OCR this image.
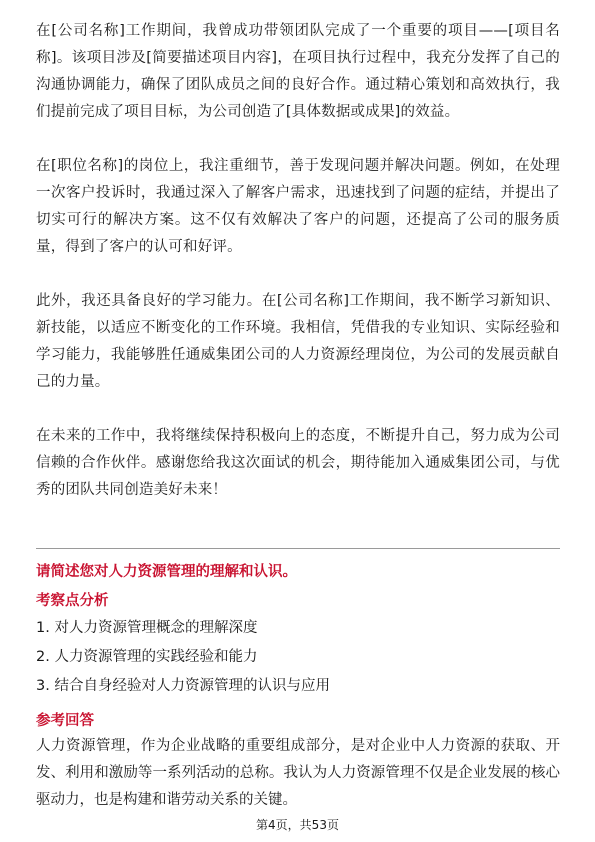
在[公司名称]工作期间，我曾成功带领团队完成了一个重要的项目——[项目名称]。该项目涉及[简要描述项目内容]，在项目执行过程中，我充分发挥了自己的沟通协调能力，确保了团队成员之间的良好合作。通过精心策划和高效执行，我们提前完成了项目目标，为公司创造了[具体数据或成果]的效益。

在[职位名称]的岗位上，我注重细节，善于发现问题并解决问题。例如，在处理一次客户投诉时，我通过深入了解客户需求，迅速找到了问题的症结，并提出了切实可行的解决方案。这不仅有效解决了客户的问题，还提高了公司的服务质量，得到了客户的认可和好评。

此外，我还具备良好的学习能力。在[公司名称]工作期间，我不断学习新知识、新技能，以适应不断变化的工作环境。我相信，凭借我的专业知识、实际经验和学习能力，我能够胜任通威集团公司的人力资源经理岗位，为公司的发展贡献自己的力量。

在未来的工作中，我将继续保持积极向上的态度，不断提升自己，努力成为公司信赖的合作伙伴。感谢您给我这次面试的机会，期待能加入通威集团公司，与优秀的团队共同创造美好未来！

请简述您对人力资源管理的理解和认识。
考察点分析
1. 对人力资源管理概念的理解深度
2. 人力资源管理的实践经验和能力
3. 结合自身经验对人力资源管理的认识与应用
参考回答

人力资源管理，作为企业战略的重要组成部分，是对企业中人力资源的获取、开发、利用和激励等一系列活动的总称。我认为人力资源管理不仅是企业发展的核心驱动力，也是构建和谐劳动关系的关键。

第4页，共53页
